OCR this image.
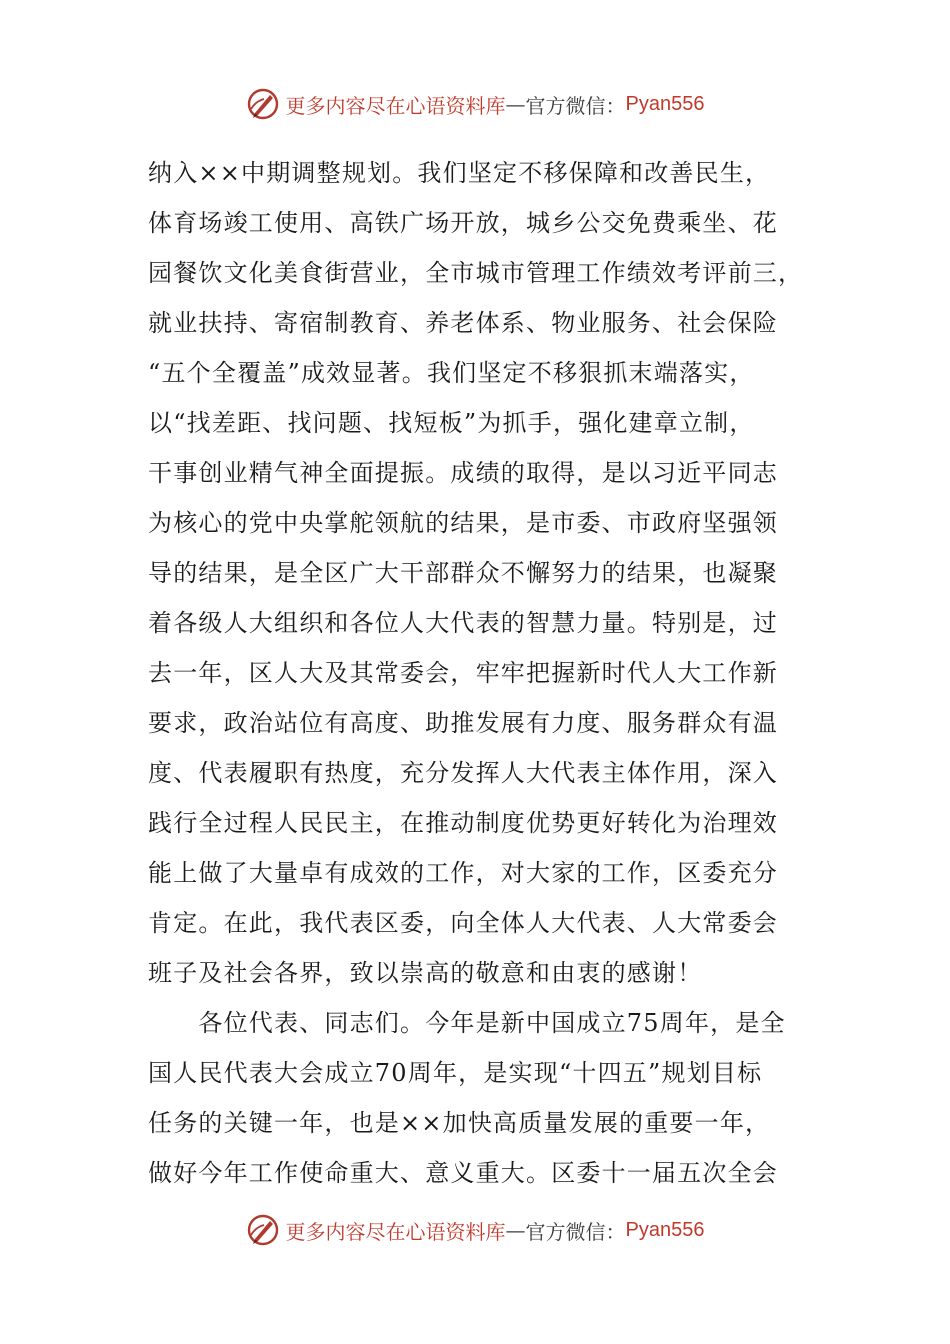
更多内容尽在心语资料库 — 官方微信： Pyan556
纳入××中期调整规划。我们坚定不移保障和改善民生，
体育场竣工使用、高铁广场开放，城乡公交免费乘坐、花
园餐饮文化美食街营业，全市城市管理工作绩效考评前三，
就业扶持、寄宿制教育、养老体系、物业服务、社会保险
“五个全覆盖”成效显著。我们坚定不移狠抓末端落实，
以“找差距、找问题、找短板”为抓手，强化建章立制，
干事创业精气神全面提振。成绩的取得，是以习近平同志
为核心的党中央掌舵领航的结果，是市委、市政府坚强领
导的结果，是全区广大干部群众不懈努力的结果，也凝聚
着各级人大组织和各位人大代表的智慧力量。特别是，过
去一年，区人大及其常委会，牢牢把握新时代人大工作新
要求，政治站位有高度、助推发展有力度、服务群众有温
度、代表履职有热度，充分发挥人大代表主体作用，深入
践行全过程人民民主，在推动制度优势更好转化为治理效
能上做了大量卓有成效的工作，对大家的工作，区委充分
肯定。在此，我代表区委，向全体人大代表、人大常委会
班子及社会各界，致以崇高的敬意和由衷的感谢！
　　各位代表、同志们。今年是新中国成立75周年，是全
国人民代表大会成立70周年，是实现“十四五”规划目标
任务的关键一年，也是××加快高质量发展的重要一年，
做好今年工作使命重大、意义重大。区委十一届五次全会
更多内容尽在心语资料库 — 官方微信： Pyan556
